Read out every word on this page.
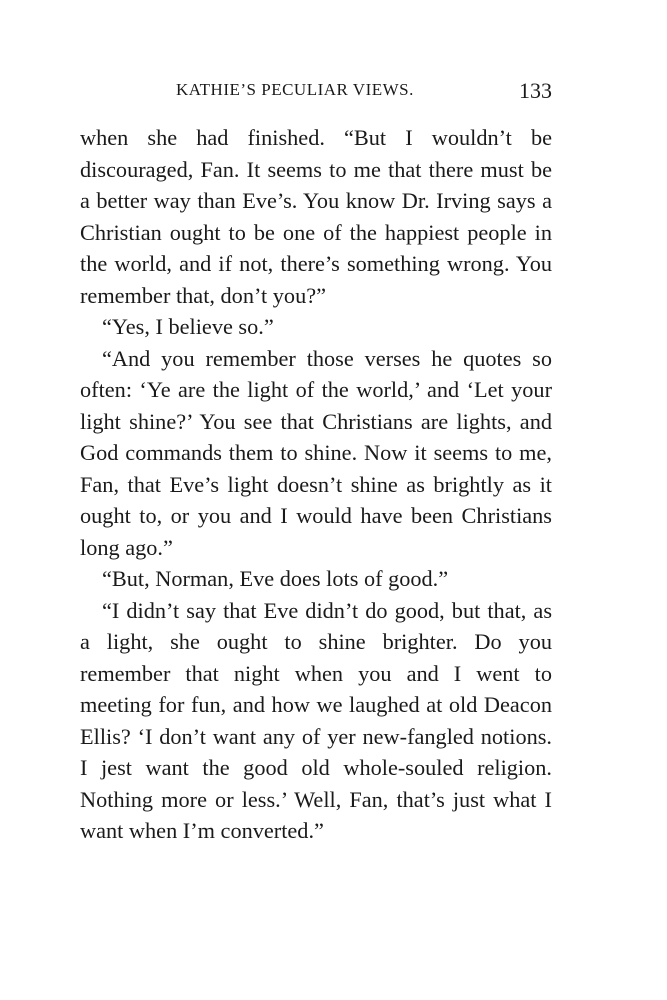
KATHIE’S PECULIAR VIEWS.	133

when she had finished. “But I wouldn’t be discouraged, Fan. It seems to me that there must be a better way than Eve’s. You know Dr. Irving says a Christian ought to be one of the happiest people in the world, and if not, there’s something wrong. You remember that, don’t you?”

“Yes, I believe so.”

“And you remember those verses he quotes so often: ‘Ye are the light of the world,’ and ‘Let your light shine?’ You see that Christians are lights, and God commands them to shine. Now it seems to me, Fan, that Eve’s light doesn’t shine as brightly as it ought to, or you and I would have been Christians long ago.”

“But, Norman, Eve does lots of good.”

“I didn’t say that Eve didn’t do good, but that, as a light, she ought to shine brighter. Do you remember that night when you and I went to meeting for fun, and how we laughed at old Deacon Ellis? ‘I don’t want any of yer new-fangled notions. I jest want the good old whole-souled religion. Nothing more or less.’ Well, Fan, that’s just what I want when I’m converted.”
